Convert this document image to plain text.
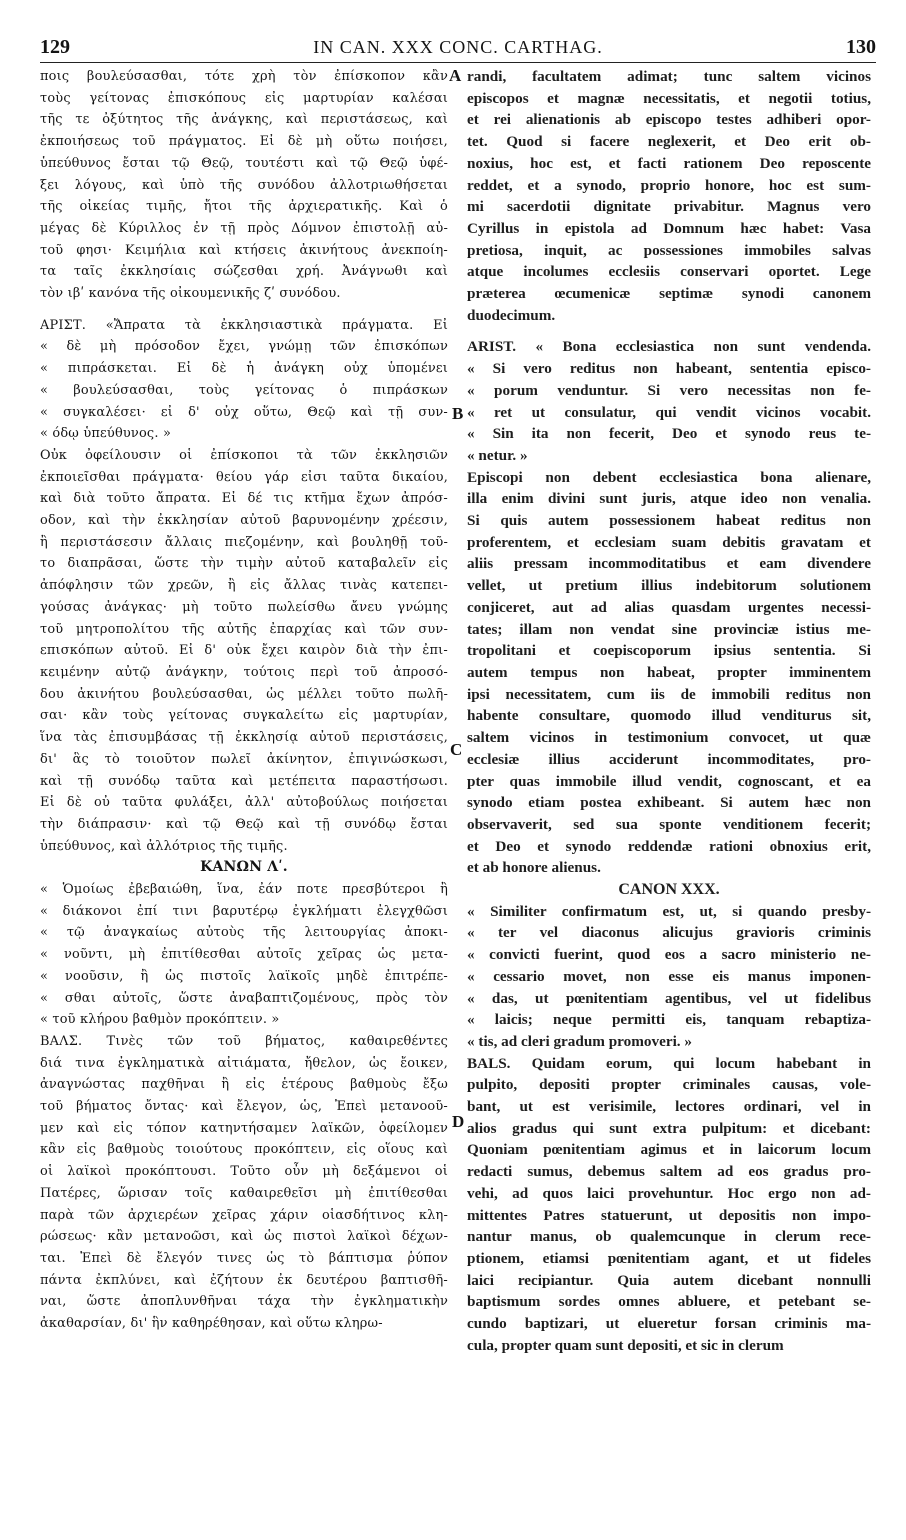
129	IN CAN. XXX CONC. CARTHAG.	130

ποις βουλεύσασθαι, τότε χρὴ τὸν ἐπίσκοπον κἂν
τοὺς γείτονας ἐπισκόπους εἰς μαρτυρίαν καλέσαι
τῆς τε ὀξύτητος τῆς ἀνάγκης, καὶ περιστάσεως, καὶ
ἐκποιήσεως τοῦ πράγματος. Εἰ δὲ μὴ οὕτω ποιήσει,
ὑπεύθυνος ἔσται τῷ Θεῷ, τουτέστι καὶ τῷ Θεῷ ὑφέ-
ξει λόγους, καὶ ὑπὸ τῆς συνόδου ἀλλοτριωθήσεται
τῆς οἰκείας τιμῆς, ἤτοι τῆς ἀρχιερατικῆς. Καὶ ὁ
μέγας δὲ Κύριλλος ἐν τῇ πρὸς Δόμνον ἐπιστολῇ αὐ-
τοῦ φησι· Κειμήλια καὶ κτήσεις ἀκινήτους ἀνεκποίη-
τα ταῖς ἐκκλησίαις σώζεσθαι χρή. Ἀνάγνωθι καὶ
τὸν ιβʹ κανόνα τῆς οἰκουμενικῆς ζʹ συνόδου.

ΑΡΙΣΤ. «Ἄπρατα τὰ ἐκκλησιαστικὰ πράγματα. Εἰ
« δὲ μὴ πρόσοδον ἔχει, γνώμῃ τῶν ἐπισκόπων
« πιπράσκεται. Εἰ δὲ ἡ ἀνάγκη οὐχ ὑπομένει
« βουλεύσασθαι, τοὺς γείτονας ὁ πιπράσκων
« συγκαλέσει· εἰ δ' οὐχ οὕτω, Θεῷ καὶ τῇ συν-
« όδῳ ὑπεύθυνος. »

Οὐκ ὀφείλουσιν οἱ ἐπίσκοποι τὰ τῶν ἐκκλησιῶν
ἐκποιεῖσθαι πράγματα· θείου γάρ εἰσι ταῦτα δικαίου,
καὶ διὰ τοῦτο ἄπρατα. Εἰ δέ τις κτῆμα ἔχων ἀπρόσ-
οδον, καὶ τὴν ἐκκλησίαν αὐτοῦ βαρυνομένην χρέεσιν,
ἢ περιστάσεσιν ἄλλαις πιεζομένην, καὶ βουληθῇ τοῦ-
το διαπρᾶσαι, ὥστε τὴν τιμὴν αὐτοῦ καταβαλεῖν εἰς
ἀπόφλησιν τῶν χρεῶν, ἢ εἰς ἄλλας τινὰς κατεπει-
γούσας ἀνάγκας· μὴ τοῦτο πωλείσθω ἄνευ γνώμης
τοῦ μητροπολίτου τῆς αὐτῆς ἐπαρχίας καὶ τῶν συν-
επισκόπων αὐτοῦ. Εἰ δ' οὐκ ἔχει καιρὸν διὰ τὴν ἐπι-
κειμένην αὐτῷ ἀνάγκην, τούτοις περὶ τοῦ ἀπροσό-
δου ἀκινήτου βουλεύσασθαι, ὡς μέλλει τοῦτο πωλῆ-
σαι· κἂν τοὺς γείτονας συγκαλείτω εἰς μαρτυρίαν,
ἵνα τὰς ἐπισυμβάσας τῇ ἐκκλησίᾳ αὐτοῦ περιστάσεις,
δι' ἃς τὸ τοιοῦτον πωλεῖ ἀκίνητον, ἐπιγινώσκωσι,
καὶ τῇ συνόδῳ ταῦτα καὶ μετέπειτα παραστήσωσι.
Εἰ δὲ οὐ ταῦτα φυλάξει, ἀλλ' αὐτοβούλως ποιήσεται
τὴν διάπρασιν· καὶ τῷ Θεῷ καὶ τῇ συνόδῳ ἔσται
ὑπεύθυνος, καὶ ἀλλότριος τῆς τιμῆς.

ΚΑΝΩΝ Λʹ.

« Ὁμοίως ἐβεβαιώθη, ἵνα, ἐάν ποτε πρεσβύτεροι ἢ
« διάκονοι ἐπί τινι βαρυτέρῳ ἐγκλήματι ἐλεγχθῶσι
« τῷ ἀναγκαίως αὐτοὺς τῆς λειτουργίας ἀποκι-
« νοῦντι, μὴ ἐπιτίθεσθαι αὐτοῖς χεῖρας ὡς μετα-
« νοοῦσιν, ἢ ὡς πιστοῖς λαϊκοῖς μηδὲ ἐπιτρέπε-
« σθαι αὐτοῖς, ὥστε ἀναβαπτιζομένους, πρὸς τὸν
« τοῦ κλήρου βαθμὸν προκόπτειν. »

ΒΑΛΣ. Τινὲς τῶν τοῦ βήματος, καθαιρεθέντες
διά τινα ἐγκληματικὰ αἰτιάματα, ἤθελον, ὡς ἔοικεν,
ἀναγνώστας παχθῆναι ἢ εἰς ἑτέρους βαθμοὺς ἔξω
τοῦ βήματος ὄντας· καὶ ἔλεγον, ὡς, Ἐπεὶ μετανοοῦ-
μεν καὶ εἰς τόπον κατηντήσαμεν λαϊκῶν, ὀφείλομεν
κἂν εἰς βαθμοὺς τοιούτους προκόπτειν, εἰς οἵους καὶ
οἱ λαϊκοὶ προκόπτουσι. Τοῦτο οὖν μὴ δεξάμενοι οἱ
Πατέρες, ὥρισαν τοῖς καθαιρεθεῖσι μὴ ἐπιτίθεσθαι
παρὰ τῶν ἀρχιερέων χεῖρας χάριν οἱασδήτινος κλη-
ρώσεως· κἂν μετανοῶσι, καὶ ὡς πιστοὶ λαϊκοὶ δέχων-
ται. Ἐπεὶ δὲ ἔλεγόν τινες ὡς τὸ βάπτισμα ῥύπον
πάντα ἐκπλύνει, καὶ ἐζήτουν ἐκ δευτέρου βαπτισθῆ-
ναι, ὥστε ἀποπλυνθῆναι τάχα τὴν ἐγκληματικὴν
ἀκαθαρσίαν, δι' ἣν καθηρέθησαν, καὶ οὕτω κληρω-

randi, facultatem adimat; tunc saltem vicinos
episcopos et magnæ necessitatis, et negotii totius,
et rei alienationis ab episcopo testes adhiberi opor-
tet. Quod si facere neglexerit, et Deo erit ob-
noxius, hoc est, et facti rationem Deo reposcente
reddet, et a synodo, proprio honore, hoc est sum-
mi sacerdotii dignitate privabitur. Magnus vero
Cyrillus in epistola ad Domnum hæc habet: Vasa
pretiosa, inquit, ac possessiones immobiles salvas
atque incolumes ecclesiis conservari oportet. Lege
præterea œcumenicæ septimæ synodi canonem
duodecimum.

ARIST. « Bona ecclesiastica non sunt vendenda.
« Si vero reditus non habeant, sententia episco-
« porum venduntur. Si vero necessitas non fe-
« ret ut consulatur, qui vendit vicinos vocabit.
« Sin ita non fecerit, Deo et synodo reus te-
« netur. »

Episcopi non debent ecclesiastica bona alienare,
illa enim divini sunt juris, atque ideo non venalia.
Si quis autem possessionem habeat reditus non
proferentem, et ecclesiam suam debitis gravatam et
aliis pressam incommoditatibus et eam divendere
vellet, ut pretium illius indebitorum solutionem
conjiceret, aut ad alias quasdam urgentes necessi-
tates; illam non vendat sine provinciæ istius me-
tropolitani et coepiscoporum ipsius sententia. Si
autem tempus non habeat, propter imminentem
ipsi necessitatem, cum iis de immobili reditus non
habente consultare, quomodo illud venditurus sit,
saltem vicinos in testimonium convocet, ut quæ
ecclesiæ illius acciderunt incommoditates, pro-
pter quas immobile illud vendit, cognoscant, et ea
synodo etiam postea exhibeant. Si autem hæc non
observaverit, sed sua sponte venditionem fecerit;
et Deo et synodo reddendæ rationi obnoxius erit,
et ab honore alienus.

CANON XXX.

« Similiter confirmatum est, ut, si quando presby-
« ter vel diaconus alicujus gravioris criminis
« convicti fuerint, quod eos a sacro ministerio ne-
« cessario movet, non esse eis manus imponen-
« das, ut pœnitentiam agentibus, vel ut fidelibus
« laicis; neque permitti eis, tanquam rebaptiza-
« tis, ad cleri gradum promoveri. »

BALS. Quidam eorum, qui locum habebant in
pulpito, depositi propter criminales causas, vole-
bant, ut est verisimile, lectores ordinari, vel in
alios gradus qui sunt extra pulpitum: et dicebant:
Quoniam pœnitentiam agimus et in laicorum locum
redacti sumus, debemus saltem ad eos gradus pro-
vehi, ad quos laici provehuntur. Hoc ergo non ad-
mittentes Patres statuerunt, ut depositis non impo-
nantur manus, ob qualemcunque in clerum rece-
ptionem, etiamsi pœnitentiam agant, et ut fideles
laici recipiantur. Quia autem dicebant nonnulli
baptismum sordes omnes abluere, et petebant se-
cundo baptizari, ut elueretur forsan criminis ma-
cula, propter quam sunt depositi, et sic in clerum

A
B
C
D
